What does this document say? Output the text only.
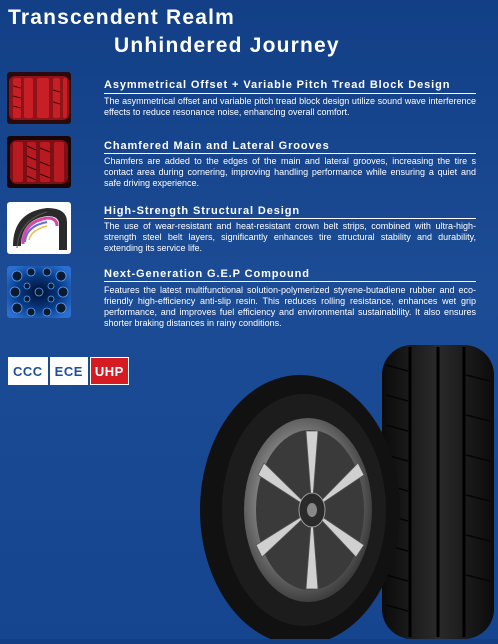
Transcendent Realm
Unhindered Journey
Asymmetrical Offset + Variable Pitch Tread Block Design
The asymmetrical offset and variable pitch tread block design utilize sound wave interference effects to reduce resonance noise, enhancing overall comfort.
Chamfered Main and Lateral Grooves
Chamfers are added to the edges of the main and lateral grooves, increasing the tire s contact area during cornering, improving handling performance while ensuring a quiet and safe driving experience.
High-Strength Structural Design
The use of wear-resistant and heat-resistant crown belt strips, combined with ultra-high-strength steel belt layers, significantly enhances tire structural stability and durability, extending its service life.
Next-Generation G.E.P Compound
Features the latest multifunctional solution-polymerized styrene-butadiene rubber and eco-friendly high-efficiency anti-slip resin. This reduces rolling resistance, enhances wet grip performance, and improves fuel efficiency and environmental sustainability. It also ensures shorter braking distances in rainy conditions.
CCC ECE UHP
